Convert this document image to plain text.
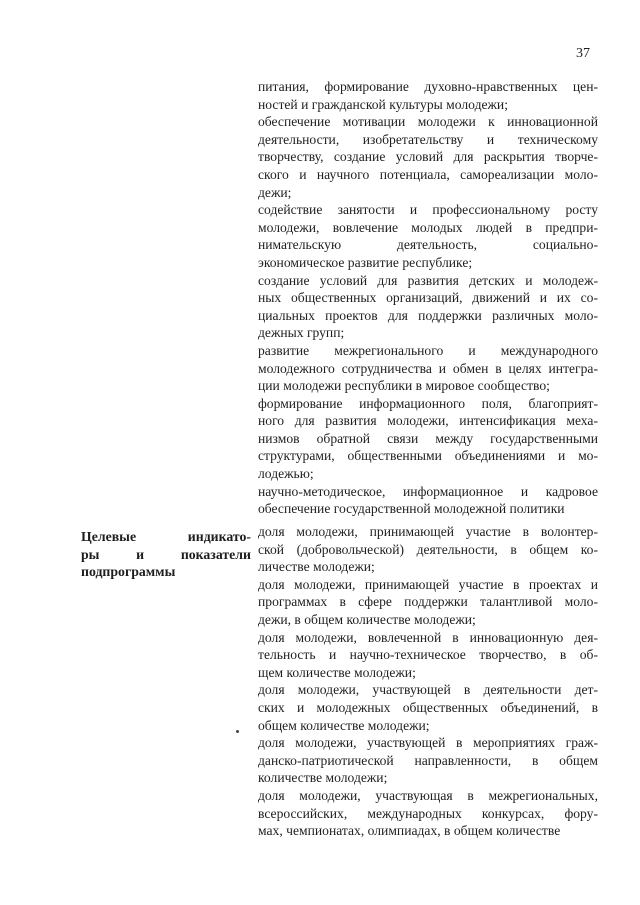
37
питания, формирование духовно-нравственных цен-
ностей и гражданской культуры молодежи;
обеспечение мотивации молодежи к инновационной
деятельности, изобретательству и техническому
творчеству, создание условий для раскрытия творче-
ского и научного потенциала, самореализации моло-
дежи;
содействие занятости и профессиональному росту
молодежи, вовлечение молодых людей в предпри-
нимательскую деятельность, социально-
экономическое развитие республике;
создание условий для развития детских и молодеж-
ных общественных организаций, движений и их со-
циальных проектов для поддержки различных моло-
дежных групп;
развитие межрегионального и международного
молодежного сотрудничества и обмен в целях интегра-
ции молодежи республики в мировое сообщество;
формирование информационного поля, благоприят-
ного для развития молодежи, интенсификация меха-
низмов обратной связи между государственными
структурами, общественными объединениями и мо-
лодежью;
научно-методическое, информационное и кадровое
обеспечение государственной молодежной политики
Целевые индикато-
ры и показатели
подпрограммы
доля молодежи, принимающей участие в волонтер-
ской (добровольческой) деятельности, в общем ко-
личестве молодежи;
доля молодежи, принимающей участие в проектах и
программах в сфере поддержки талантливой моло-
дежи, в общем количестве молодежи;
доля молодежи, вовлеченной в инновационную дея-
тельность и научно-техническое творчество, в об-
щем количестве молодежи;
доля молодежи, участвующей в деятельности дет-
ских и молодежных общественных объединений, в
общем количестве молодежи;
доля молодежи, участвующей в мероприятиях граж-
данско-патриотической направленности, в общем
количестве молодежи;
доля молодежи, участвующая в межрегиональных,
всероссийских, международных конкурсах, фору-
мах, чемпионатах, олимпиадах, в общем количестве
